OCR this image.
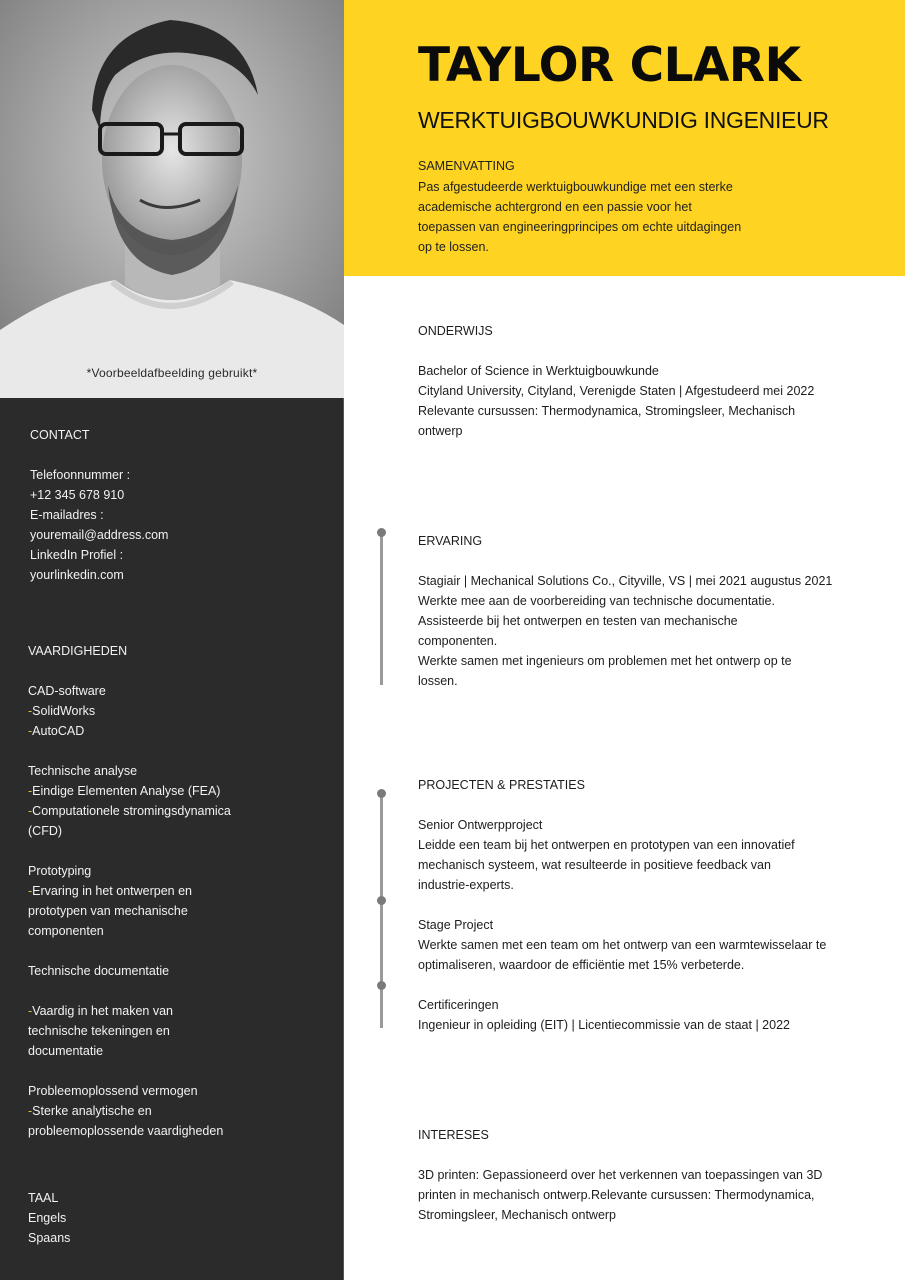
*Voorbeeldafbeelding gebruikt*
TAYLOR CLARK
WERKTUIGBOUWKUNDIG INGENIEUR
SAMENVATTING
Pas afgestudeerde werktuigbouwkundige met een sterke
academische achtergrond en een passie voor het
toepassen van engineeringprincipes om echte uitdagingen
op te lossen.
CONTACT

Telefoonnummer :
+12 345 678 910
E-mailadres :
youremail@address.com
LinkedIn Profiel :
yourlinkedin.com
VAARDIGHEDEN

CAD-software
-SolidWorks
-AutoCAD

Technische analyse
-Eindige Elementen Analyse (FEA)
-Computationele stromingsdynamica
(CFD)

Prototyping
-Ervaring in het ontwerpen en
prototypen van mechanische
componenten

Technische documentatie

-Vaardig in het maken van
technische tekeningen en
documentatie

Probleemoplossend vermogen
-Sterke analytische en
probleemoplossende vaardigheden
TAAL
Engels
Spaans
ONDERWIJS

Bachelor of Science in Werktuigbouwkunde
Cityland University, Cityland, Verenigde Staten | Afgestudeerd mei 2022
Relevante cursussen: Thermodynamica, Stromingsleer, Mechanisch
ontwerp
ERVARING

Stagiair | Mechanical Solutions Co., Cityville, VS | mei 2021 augustus 2021
Werkte mee aan de voorbereiding van technische documentatie.
Assisteerde bij het ontwerpen en testen van mechanische
componenten.
Werkte samen met ingenieurs om problemen met het ontwerp op te
lossen.
PROJECTEN & PRESTATIES

Senior Ontwerpproject
Leidde een team bij het ontwerpen en prototypen van een innovatief
mechanisch systeem, wat resulteerde in positieve feedback van
industrie-experts.

Stage Project
Werkte samen met een team om het ontwerp van een warmtewisselaar te
optimaliseren, waardoor de efficiëntie met 15% verbeterde.

Certificeringen
Ingenieur in opleiding (EIT) | Licentiecommissie van de staat | 2022
INTERESES

3D printen: Gepassioneerd over het verkennen van toepassingen van 3D
printen in mechanisch ontwerp.Relevante cursussen: Thermodynamica,
Stromingsleer, Mechanisch ontwerp
